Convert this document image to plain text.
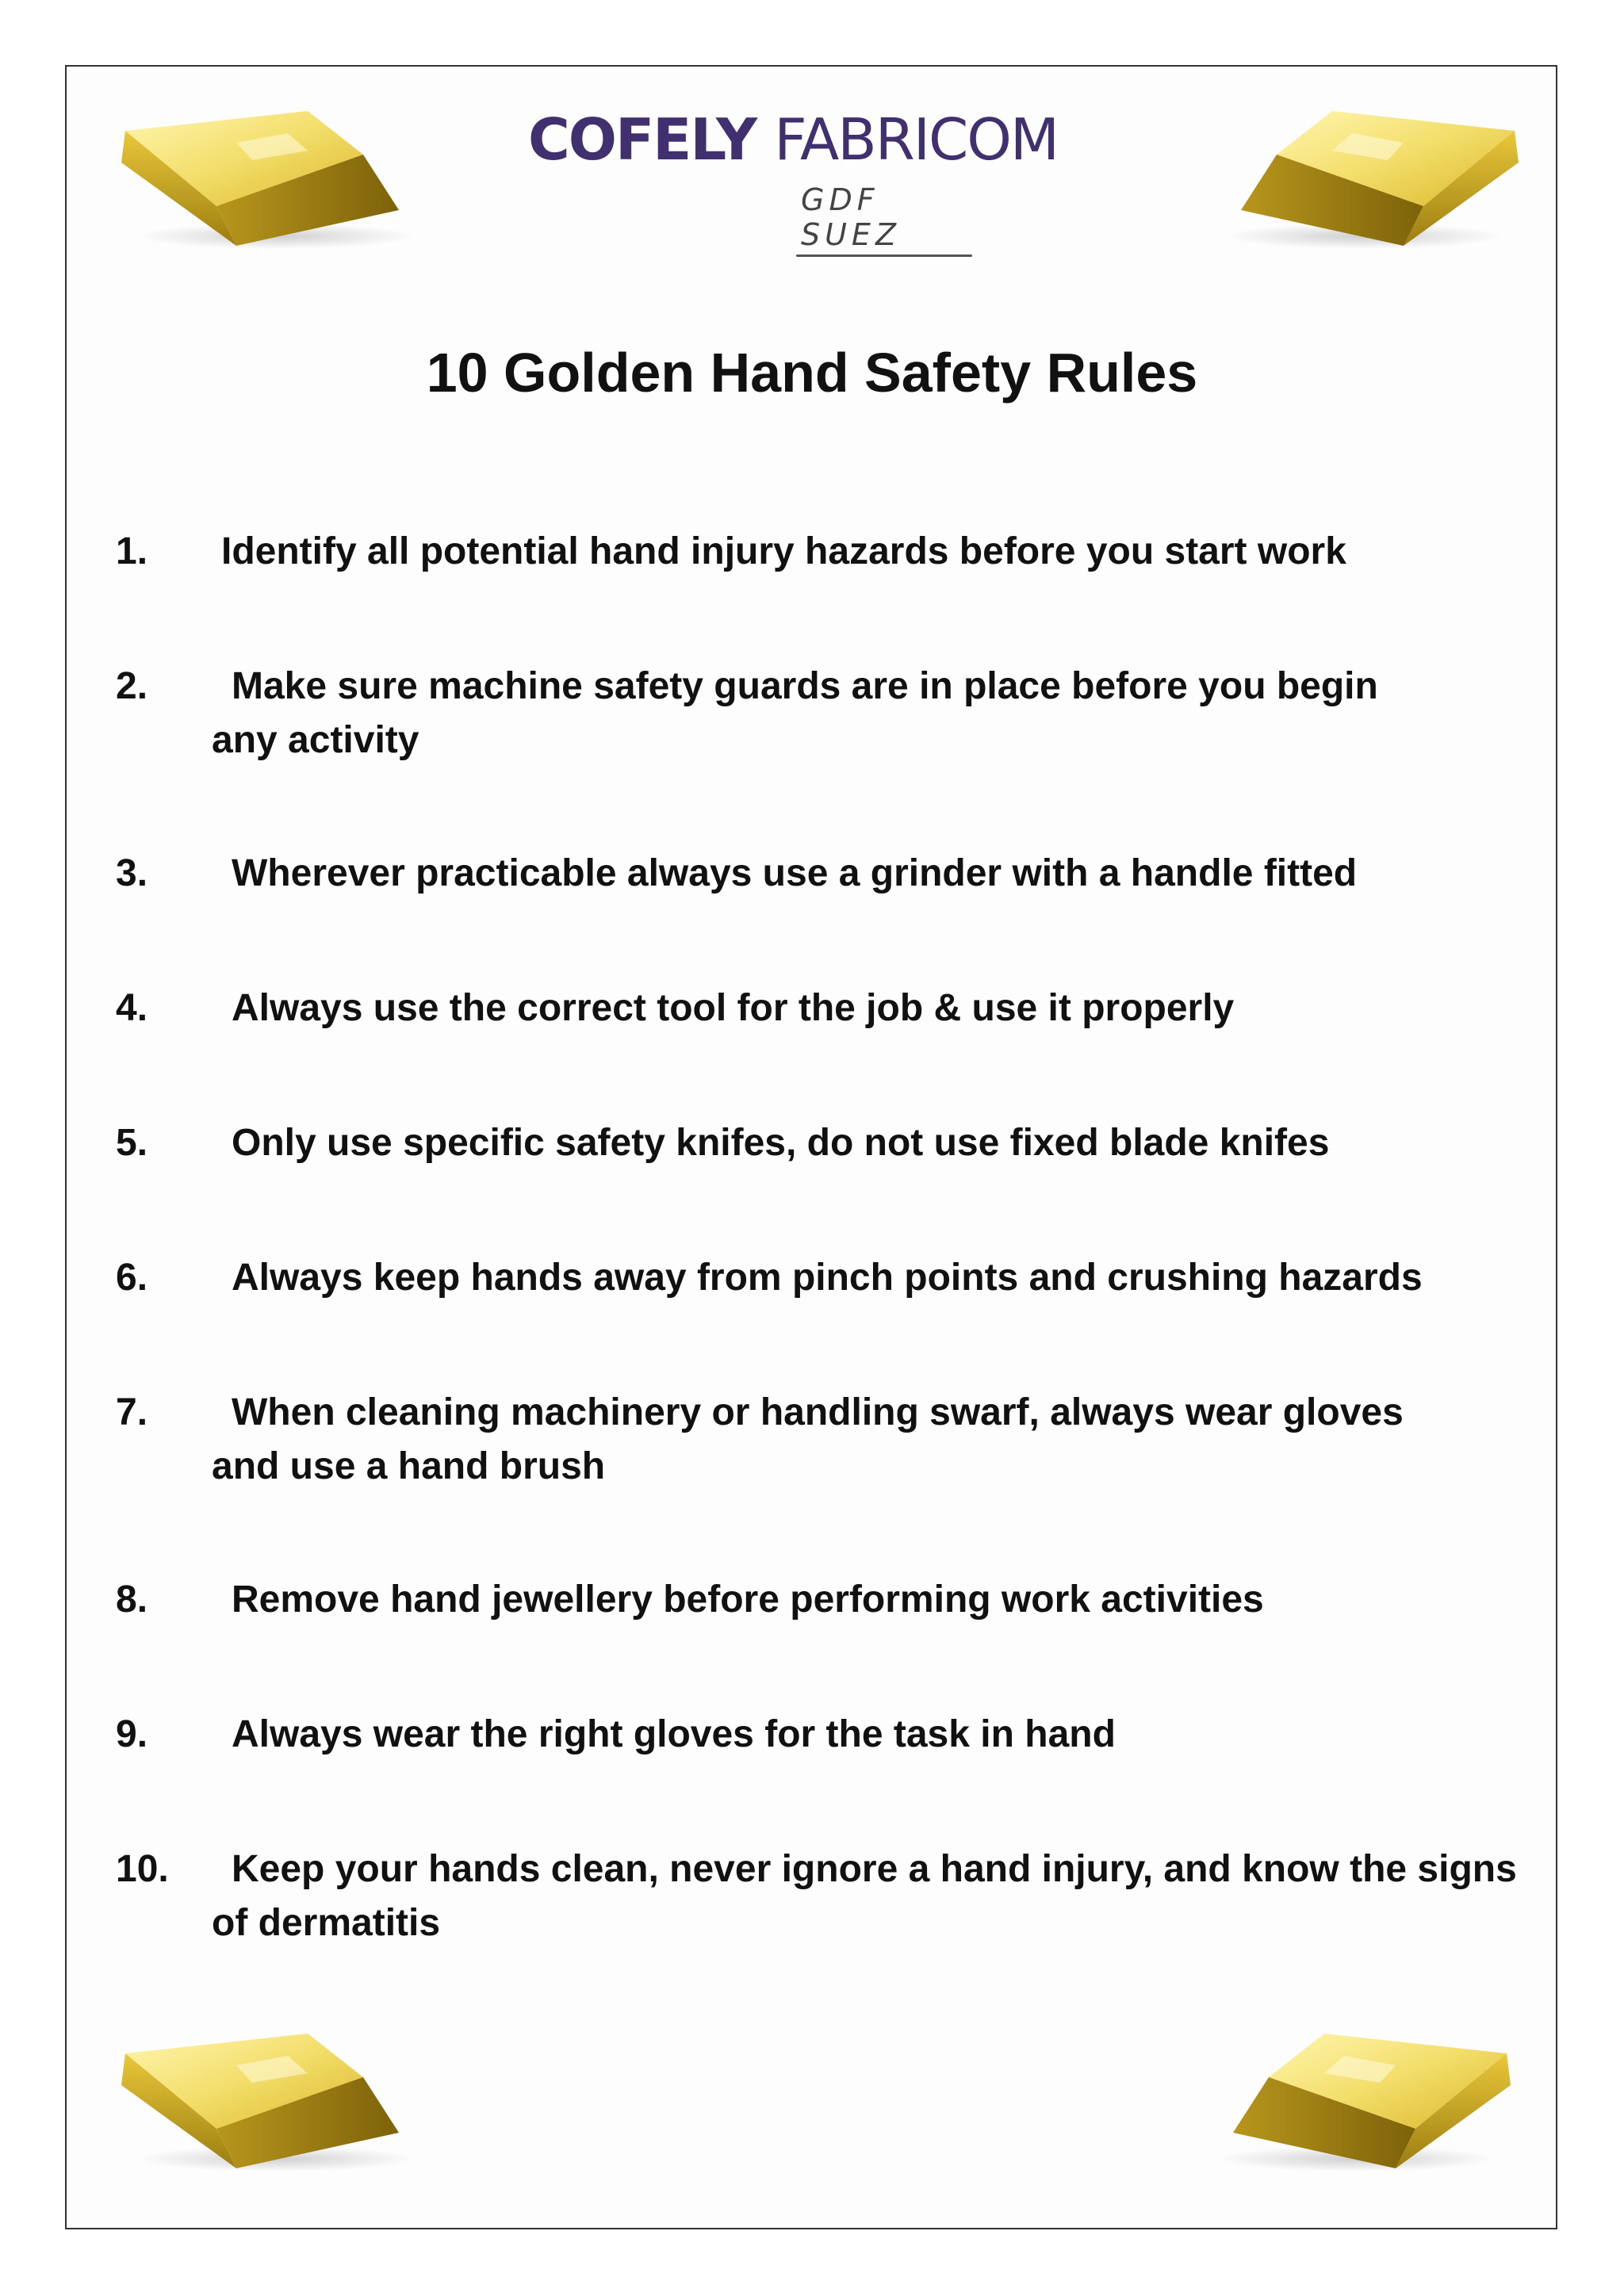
COFELY FABRICOM
GDF SUEZ
10 Golden Hand Safety Rules
1.	Identify all potential hand injury hazards before you start work
2.	Make sure machine safety guards are in place before you begin
any activity
3.	Wherever practicable always use a grinder with a handle fitted
4.	Always use the correct tool for the job & use it properly
5.	Only use specific safety knifes, do not use fixed blade knifes
6.	Always keep hands away from pinch points and crushing hazards
7.	When cleaning machinery or handling swarf, always wear gloves
and use a hand brush
8.	Remove hand jewellery before performing work activities
9.	Always wear the right gloves for the task in hand
10.	Keep your hands clean, never ignore a hand injury, and know the signs
of dermatitis
